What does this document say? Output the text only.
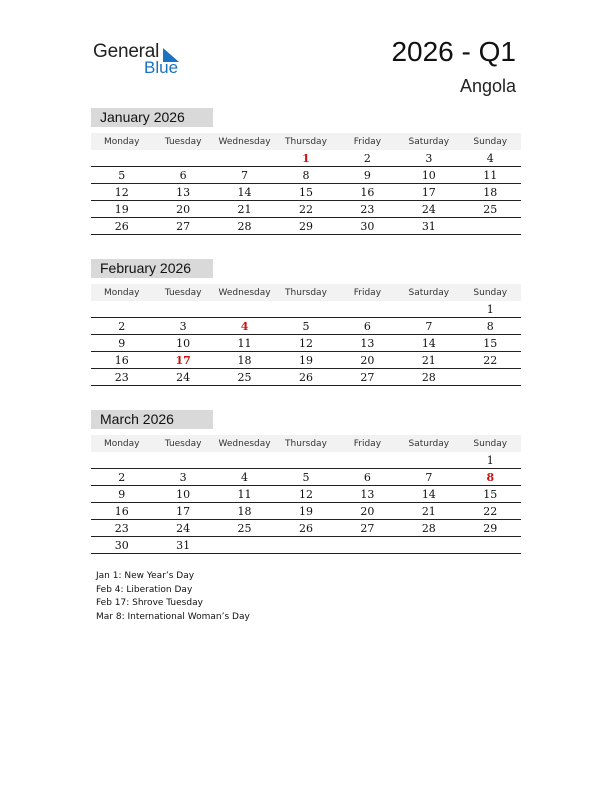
General
Blue
2026 - Q1
Angola
January 2026
Monday	Tuesday	Wednesday	Thursday	Friday	Saturday	Sunday
			1	2	3	4
5	6	7	8	9	10	11
12	13	14	15	16	17	18
19	20	21	22	23	24	25
26	27	28	29	30	31	
February 2026
Monday	Tuesday	Wednesday	Thursday	Friday	Saturday	Sunday
						1
2	3	4	5	6	7	8
9	10	11	12	13	14	15
16	17	18	19	20	21	22
23	24	25	26	27	28	
March 2026
Monday	Tuesday	Wednesday	Thursday	Friday	Saturday	Sunday
						1
2	3	4	5	6	7	8
9	10	11	12	13	14	15
16	17	18	19	20	21	22
23	24	25	26	27	28	29
30	31					
Jan 1: New Year’s Day
Feb 4: Liberation Day
Feb 17: Shrove Tuesday
Mar 8: International Woman’s Day
